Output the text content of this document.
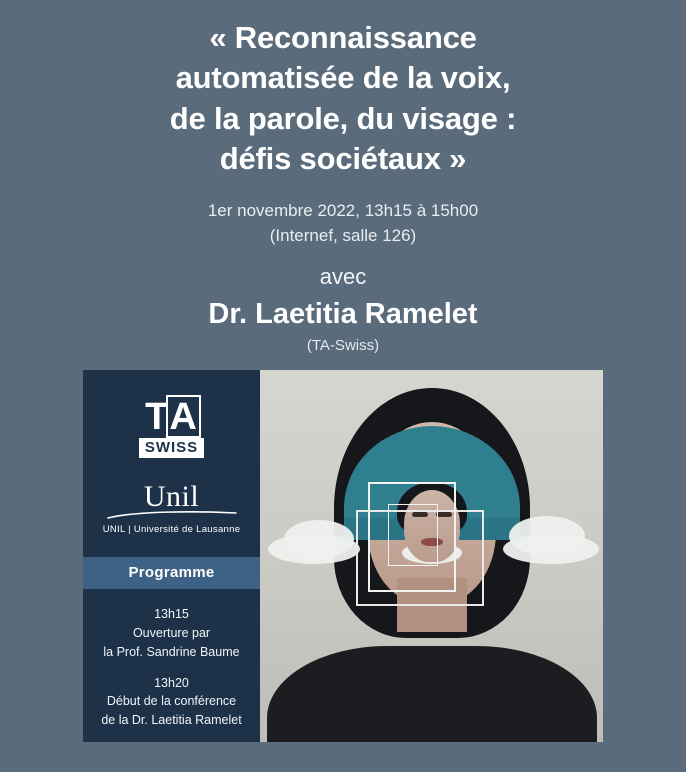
« Reconnaissance
automatisée de la voix,
de la parole, du visage :
défis sociétaux »
1er novembre 2022, 13h15 à 15h00
(Internef, salle 126)
avec
Dr. Laetitia Ramelet
(TA-Swiss)
TA SWISS
Unil
UNIL | Université de Lausanne
Programme
13h15
Ouverture par
la Prof. Sandrine Baume
13h20
Début de la conférence
de la Dr. Laetitia Ramelet
